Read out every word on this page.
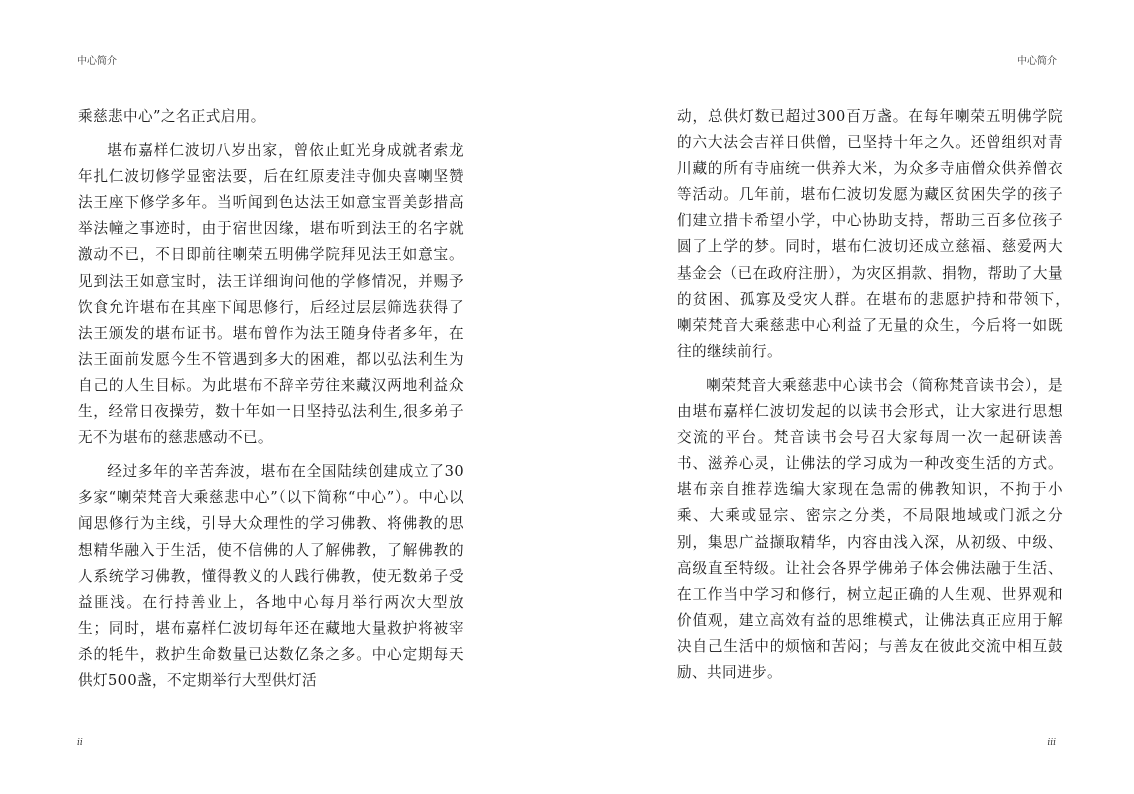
中心简介

乘慈悲中心”之名正式启用。

堪布嘉样仁波切八岁出家，曾依止虹光身成就者索龙年扎仁波切修学显密法要，后在红原麦洼寺伽央喜喇坚赞法王座下修学多年。当听闻到色达法王如意宝晋美彭措高举法幢之事迹时，由于宿世因缘，堪布听到法王的名字就激动不已，不日即前往喇荣五明佛学院拜见法王如意宝。见到法王如意宝时，法王详细询问他的学修情况，并赐予饮食允许堪布在其座下闻思修行，后经过层层筛选获得了法王颁发的堪布证书。堪布曾作为法王随身侍者多年，在法王面前发愿今生不管遇到多大的困难，都以弘法利生为自己的人生目标。为此堪布不辞辛劳往来藏汉两地利益众生，经常日夜操劳，数十年如一日坚持弘法利生,很多弟子无不为堪布的慈悲感动不已。

经过多年的辛苦奔波，堪布在全国陆续创建成立了30多家“喇荣梵音大乘慈悲中心”（以下简称“中心”）。中心以闻思修行为主线，引导大众理性的学习佛教、将佛教的思想精华融入于生活，使不信佛的人了解佛教，了解佛教的人系统学习佛教，懂得教义的人践行佛教，使无数弟子受益匪浅。在行持善业上，各地中心每月举行两次大型放生；同时，堪布嘉样仁波切每年还在藏地大量救护将被宰杀的牦牛，救护生命数量已达数亿条之多。中心定期每天供灯500盏，不定期举行大型供灯活

ii
中心简介

动，总供灯数已超过300百万盏。在每年喇荣五明佛学院的六大法会吉祥日供僧，已坚持十年之久。还曾组织对青川藏的所有寺庙统一供养大米，为众多寺庙僧众供养僧衣等活动。几年前，堪布仁波切发愿为藏区贫困失学的孩子们建立措卡希望小学，中心协助支持，帮助三百多位孩子圆了上学的梦。同时，堪布仁波切还成立慈福、慈爱两大基金会（已在政府注册），为灾区捐款、捐物，帮助了大量的贫困、孤寡及受灾人群。在堪布的悲愿护持和带领下，　喇荣梵音大乘慈悲中心利益了无量的众生，今后将一如既往的继续前行。

喇荣梵音大乘慈悲中心读书会（简称梵音读书会），是由堪布嘉样仁波切发起的以读书会形式，让大家进行思想交流的平台。梵音读书会号召大家每周一次一起研读善书、滋养心灵，让佛法的学习成为一种改变生活的方式。堪布亲自推荐选编大家现在急需的佛教知识，不拘于小乘、大乘或显宗、密宗之分类，不局限地域或门派之分别，集思广益撷取精华，内容由浅入深，从初级、中级、高级直至特级。让社会各界学佛弟子体会佛法融于生活、在工作当中学习和修行，树立起正确的人生观、世界观和价值观，建立高效有益的思维模式，让佛法真正应用于解决自己生活中的烦恼和苦闷；与善友在彼此交流中相互鼓励、共同进步。

iii
